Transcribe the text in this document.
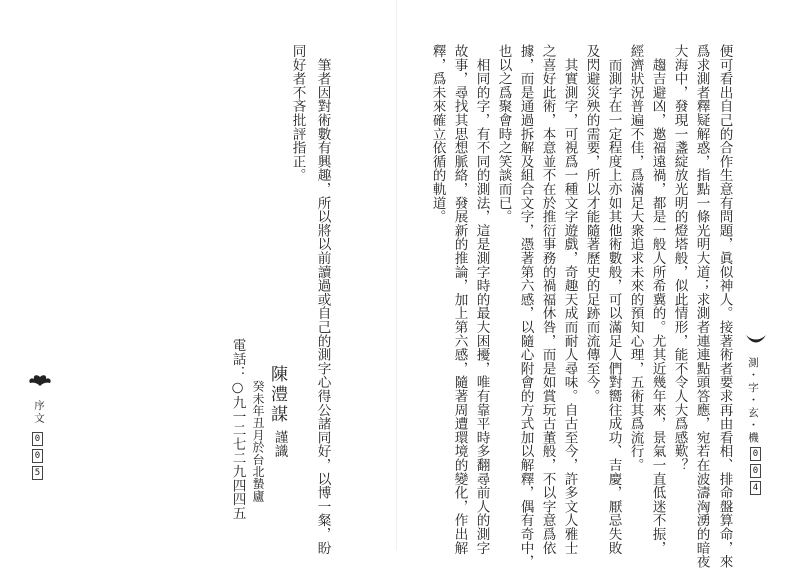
測・字・玄・機
0
0
4
便可看出自己的合作生意有問題，眞似神人。接著術者要求再由看相、排命盤算命，來
爲求測者釋疑解惑，指點一條光明大道；求測者連連點頭答應，宛若在波濤洶湧的暗夜
大海中，發現一盞綻放光明的燈塔般，似此情形，能不令人大爲感歎？
　趨吉避凶，邀福遠禍，都是一般人所希冀的。尤其近幾年來，景氣一直低迷不振，
經濟狀況普遍不佳，爲滿足大衆追求未來的預知心理，五術其爲流行。
　而測字在一定程度上亦如其他術數般，可以滿足人們對嚮往成功、吉慶，厭忌失敗
及閃避災殃的需要，所以才能隨著歷史的足跡而流傳至今。
　其實測字，可視爲一種文字遊戲，奇趣天成而耐人尋味。自古至今，許多文人雅士
之喜好此術，本意並不在於推衍事務的禍福休咎，而是如賞玩古董般，不以字意爲依
據，而是通過拆解及組合文字，憑著第六感，以隨心附會的方式加以解釋，偶有奇中，
也以之爲聚會時之笑談而已。
　相同的字，有不同的測法，這是測字時的最大困擾，唯有靠平時多翻尋前人的測字
故事，尋找其思想脈絡，發展新的推論，加上第六感，隨著周遭環境的變化，作出解
釋，爲未來確立依循的軌道。
　筆者因對術數有興趣，所以將以前讀過或自己的測字心得公諸同好，以博一粲，盼
同好者不吝批評指正。
陳澧謀
謹識
癸未年丑月於台北蟄廬
電話：○九一二七二九四四五
序文
0
0
5
